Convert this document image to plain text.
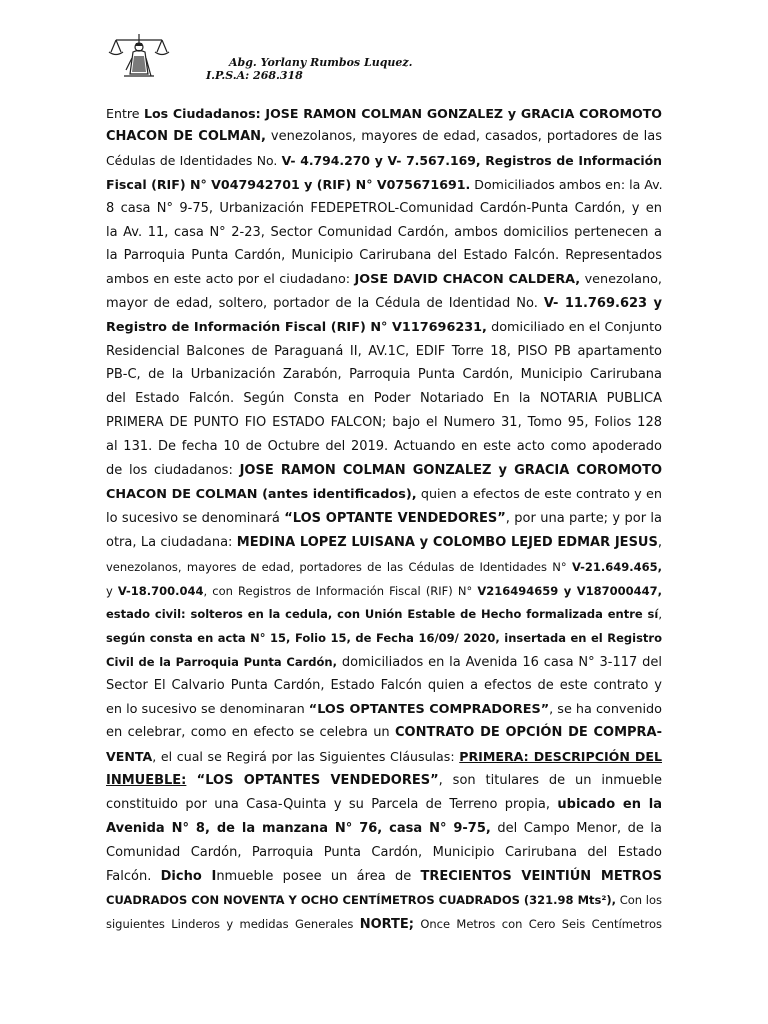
Abg. Yorlany Rumbos Luquez.
I.P.S.A: 268.318
Entre Los Ciudadanos: JOSE RAMON COLMAN GONZALEZ y GRACIA COROMOTO
CHACON DE COLMAN, venezolanos, mayores de edad, casados, portadores de las
Cédulas de Identidades No. V- 4.794.270 y V- 7.567.169, Registros de Información
Fiscal (RIF) N° V047942701 y (RIF) N° V075671691. Domiciliados ambos en: la Av.
8 casa N° 9-75, Urbanización FEDEPETROL-Comunidad Cardón-Punta Cardón, y en
la Av. 11, casa N° 2-23, Sector Comunidad Cardón, ambos domicilios pertenecen a
la Parroquia Punta Cardón, Municipio Carirubana del Estado Falcón. Representados
ambos en este acto por el ciudadano: JOSE DAVID CHACON CALDERA, venezolano,
mayor de edad, soltero, portador de la Cédula de Identidad No. V- 11.769.623 y
Registro de Información Fiscal (RIF) N° V117696231, domiciliado en el Conjunto
Residencial Balcones de Paraguaná II, AV.1C, EDIF Torre 18, PISO PB apartamento
PB-C, de la Urbanización Zarabón, Parroquia Punta Cardón, Municipio Carirubana
del Estado Falcón. Según Consta en Poder Notariado En la NOTARIA PUBLICA
PRIMERA DE PUNTO FIO ESTADO FALCON; bajo el Numero 31, Tomo 95, Folios 128
al 131. De fecha 10 de Octubre del 2019. Actuando en este acto como apoderado
de los ciudadanos: JOSE RAMON COLMAN GONZALEZ y GRACIA COROMOTO
CHACON DE COLMAN (antes identificados), quien a efectos de este contrato y en
lo sucesivo se denominará “LOS OPTANTE VENDEDORES”, por una parte; y por la
otra, La ciudadana: MEDINA LOPEZ LUISANA y COLOMBO LEJED EDMAR JESUS,
venezolanos, mayores de edad, portadores de las Cédulas de Identidades N° V-21.649.465,
y V-18.700.044, con Registros de Información Fiscal (RIF) N° V216494659 y V187000447,
estado civil: solteros en la cedula, con Unión Estable de Hecho formalizada entre sí,
según consta en acta N° 15, Folio 15, de Fecha 16/09/ 2020, insertada en el Registro
Civil de la Parroquia Punta Cardón, domiciliados en la Avenida 16 casa N° 3-117 del
Sector El Calvario Punta Cardón, Estado Falcón quien a efectos de este contrato y
en lo sucesivo se denominaran “LOS OPTANTES COMPRADORES”, se ha convenido
en celebrar, como en efecto se celebra un CONTRATO DE OPCIÓN DE COMPRA-
VENTA, el cual se Regirá por las Siguientes Cláusulas: PRIMERA: DESCRIPCIÓN DEL
INMUEBLE: “LOS OPTANTES VENDEDORES”, son titulares de un inmueble
constituido por una Casa-Quinta y su Parcela de Terreno propia, ubicado en la
Avenida N° 8, de la manzana N° 76, casa N° 9-75, del Campo Menor, de la
Comunidad Cardón, Parroquia Punta Cardón, Municipio Carirubana del Estado
Falcón. Dicho Inmueble posee un área de TRECIENTOS VEINTIÚN METROS
CUADRADOS CON NOVENTA Y OCHO CENTÍMETROS CUADRADOS (321.98 Mts²), Con los
siguientes Linderos y medidas Generales NORTE; Once Metros con Cero Seis Centímetros
